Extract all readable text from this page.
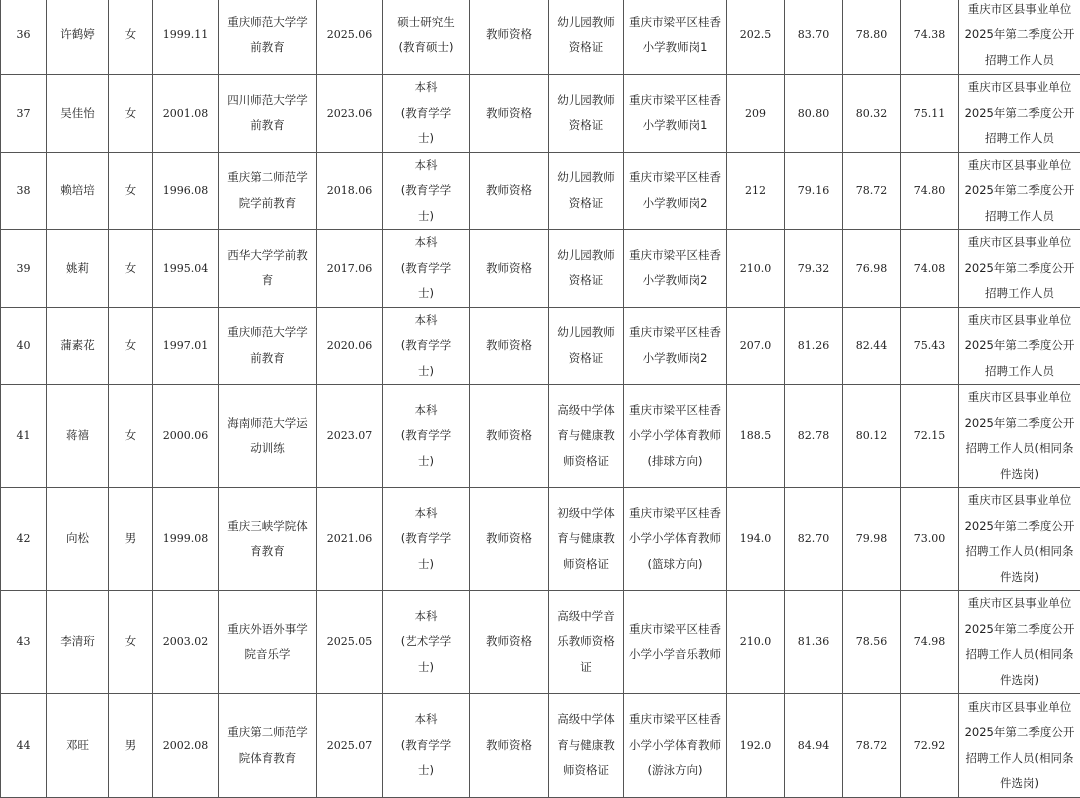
36	许鹤婷	女	1999.11	重庆师范大学学
前教育	2025.06	硕士研究生
(教育硕士)	教师资格	幼儿园教师
资格证	重庆市梁平区桂香
小学教师岗1	202.5	83.70	78.80	74.38	重庆市区县事业单位
2025年第二季度公开
招聘工作人员
37	吴佳怡	女	2001.08	四川师范大学学
前教育	2023.06	本科
(教育学学
士)	教师资格	幼儿园教师
资格证	重庆市梁平区桂香
小学教师岗1	209	80.80	80.32	75.11	重庆市区县事业单位
2025年第二季度公开
招聘工作人员
38	赖培培	女	1996.08	重庆第二师范学
院学前教育	2018.06	本科
(教育学学
士)	教师资格	幼儿园教师
资格证	重庆市梁平区桂香
小学教师岗2	212	79.16	78.72	74.80	重庆市区县事业单位
2025年第二季度公开
招聘工作人员
39	姚莉	女	1995.04	西华大学学前教
育	2017.06	本科
(教育学学
士)	教师资格	幼儿园教师
资格证	重庆市梁平区桂香
小学教师岗2	210.0	79.32	76.98	74.08	重庆市区县事业单位
2025年第二季度公开
招聘工作人员
40	蒲素花	女	1997.01	重庆师范大学学
前教育	2020.06	本科
(教育学学
士)	教师资格	幼儿园教师
资格证	重庆市梁平区桂香
小学教师岗2	207.0	81.26	82.44	75.43	重庆市区县事业单位
2025年第二季度公开
招聘工作人员
41	蒋禧	女	2000.06	海南师范大学运
动训练	2023.07	本科
(教育学学
士)	教师资格	高级中学体
育与健康教
师资格证	重庆市梁平区桂香
小学小学体育教师
(排球方向)	188.5	82.78	80.12	72.15	重庆市区县事业单位
2025年第二季度公开
招聘工作人员(相同条
件选岗)
42	向松	男	1999.08	重庆三峡学院体
育教育	2021.06	本科
(教育学学
士)	教师资格	初级中学体
育与健康教
师资格证	重庆市梁平区桂香
小学小学体育教师
(篮球方向)	194.0	82.70	79.98	73.00	重庆市区县事业单位
2025年第二季度公开
招聘工作人员(相同条
件选岗)
43	李清珩	女	2003.02	重庆外语外事学
院音乐学	2025.05	本科
(艺术学学
士)	教师资格	高级中学音
乐教师资格
证	重庆市梁平区桂香
小学小学音乐教师	210.0	81.36	78.56	74.98	重庆市区县事业单位
2025年第二季度公开
招聘工作人员(相同条
件选岗)
44	邓旺	男	2002.08	重庆第二师范学
院体育教育	2025.07	本科
(教育学学
士)	教师资格	高级中学体
育与健康教
师资格证	重庆市梁平区桂香
小学小学体育教师
(游泳方向)	192.0	84.94	78.72	72.92	重庆市区县事业单位
2025年第二季度公开
招聘工作人员(相同条
件选岗)
